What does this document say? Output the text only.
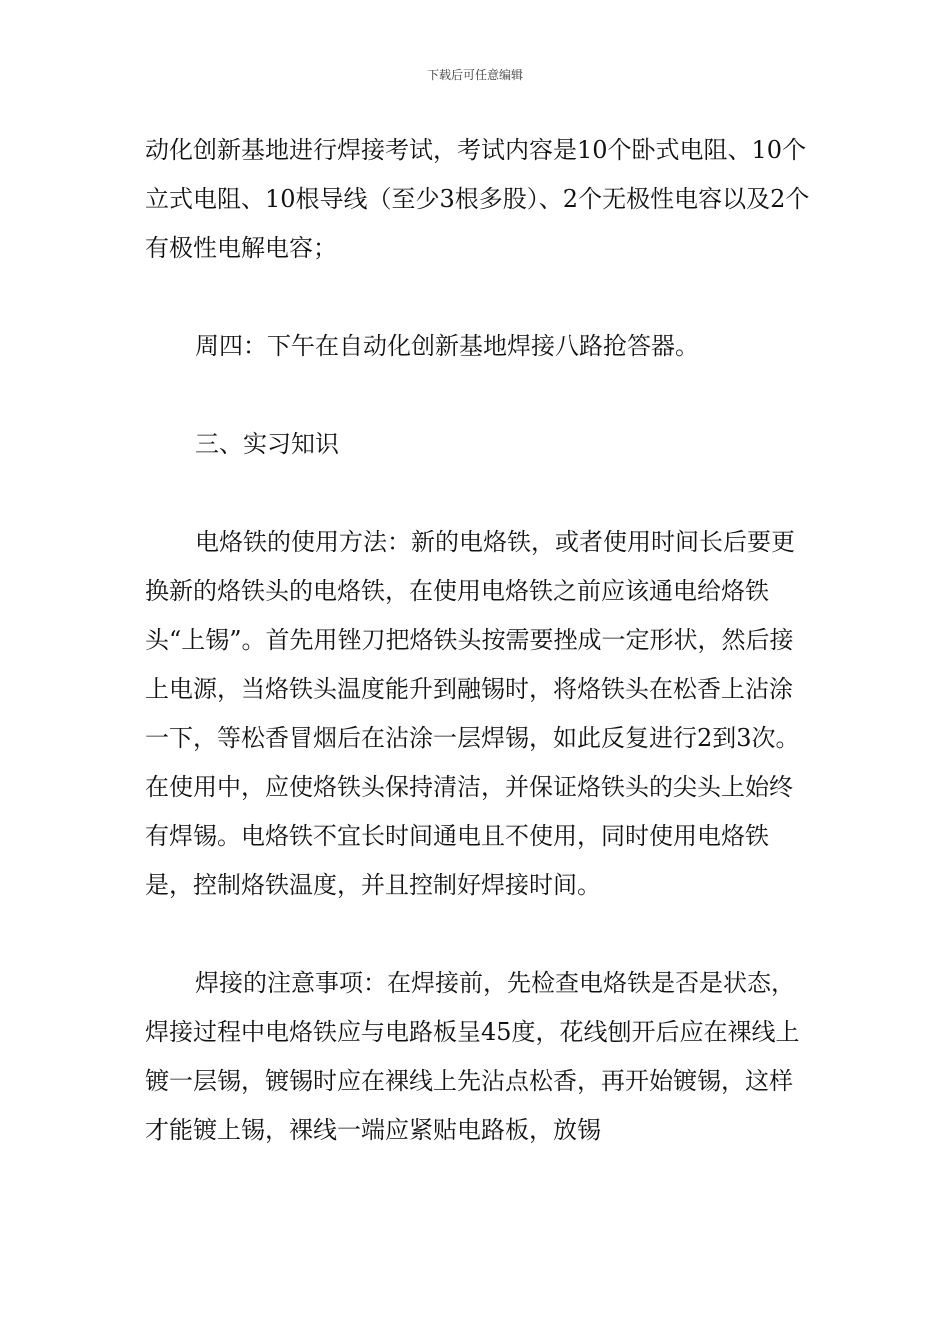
下载后可任意编辑

动化创新基地进行焊接考试，考试内容是10个卧式电阻、10个立式电阻、10根导线（至少3根多股）、2个无极性电容以及2个有极性电解电容；

周四：下午在自动化创新基地焊接八路抢答器。

三、实习知识

电烙铁的使用方法：新的电烙铁，或者使用时间长后要更换新的烙铁头的电烙铁，在使用电烙铁之前应该通电给烙铁头“上锡”。首先用锉刀把烙铁头按需要挫成一定形状，然后接上电源，当烙铁头温度能升到融锡时，将烙铁头在松香上沾涂一下，等松香冒烟后在沾涂一层焊锡，如此反复进行2到3次。在使用中，应使烙铁头保持清洁，并保证烙铁头的尖头上始终有焊锡。电烙铁不宜长时间通电且不使用，同时使用电烙铁是，控制烙铁温度，并且控制好焊接时间。

焊接的注意事项：在焊接前，先检查电烙铁是否是状态，焊接过程中电烙铁应与电路板呈45度，花线刨开后应在裸线上镀一层锡，镀锡时应在裸线上先沾点松香，再开始镀锡，这样才能镀上锡，裸线一端应紧贴电路板，放锡
